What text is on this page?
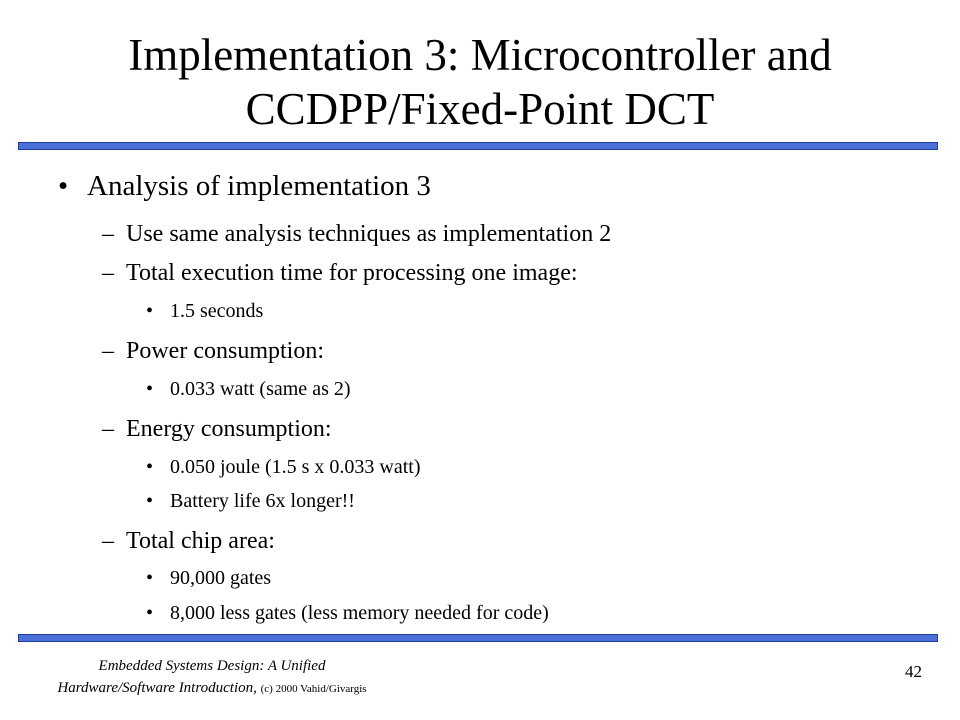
Implementation 3: Microcontroller and
CCDPP/Fixed-Point DCT
• Analysis of implementation 3
– Use same analysis techniques as implementation 2
– Total execution time for processing one image:
• 1.5 seconds
– Power consumption:
• 0.033 watt (same as 2)
– Energy consumption:
• 0.050 joule (1.5 s x 0.033 watt)
• Battery life 6x longer!!
– Total chip area:
• 90,000 gates
• 8,000 less gates (less memory needed for code)
Embedded Systems Design: A Unified
Hardware/Software Introduction, (c) 2000 Vahid/Givargis
42
